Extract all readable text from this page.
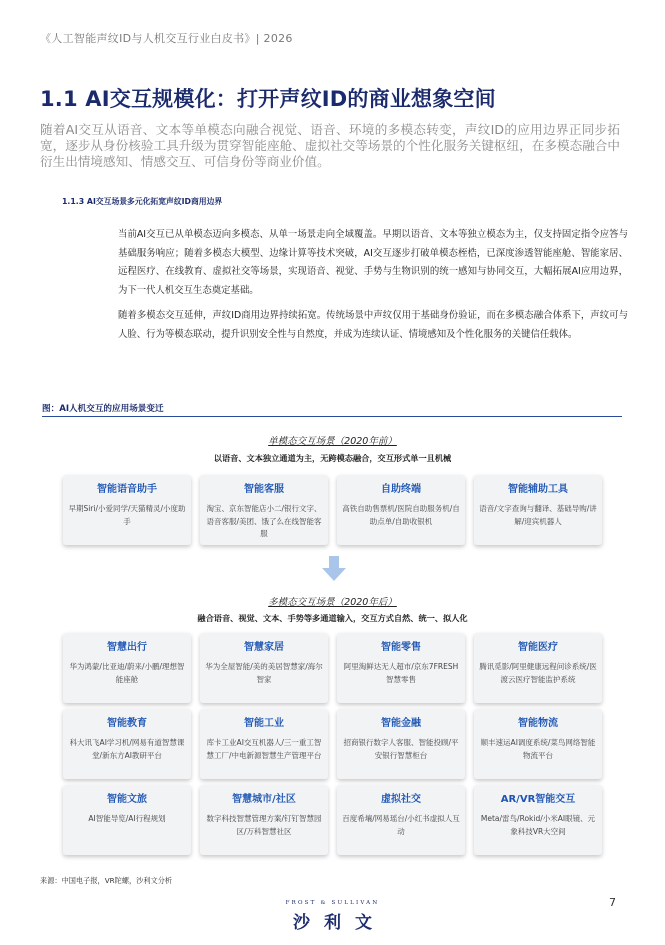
《人工智能声纹ID与人机交互行业白皮书》| 2026
1.1 AI交互规模化：打开声纹ID的商业想象空间
随着AI交互从语音、文本等单模态向融合视觉、语音、环境的多模态转变，声纹ID的应用边界正同步拓宽，逐步从身份核验工具升级为贯穿智能座舱、虚拟社交等场景的个性化服务关键枢纽，在多模态融合中衍生出情境感知、情感交互、可信身份等商业价值。
1.1.3 AI交互场景多元化拓宽声纹ID商用边界
当前AI交互已从单模态迈向多模态、从单一场景走向全域覆盖。早期以语音、文本等独立模态为主，仅支持固定指令应答与基础服务响应；随着多模态大模型、边缘计算等技术突破，AI交互逐步打破单模态桎梏，已深度渗透智能座舱、智能家居、远程医疗、在线教育、虚拟社交等场景，实现语音、视觉、手势与生物识别的统一感知与协同交互，大幅拓展AI应用边界，为下一代人机交互生态奠定基础。
随着多模态交互延伸，声纹ID商用边界持续拓宽。传统场景中声纹仅用于基础身份验证，而在多模态融合体系下，声纹可与人脸、行为等模态联动，提升识别安全性与自然度，并成为连续认证、情境感知及个性化服务的关键信任载体。
图：AI人机交互的应用场景变迁
单模态交互场景（2020年前）
以语音、文本独立通道为主，无跨模态融合，交互形式单一且机械
智能语音助手
早期Siri/小爱同学/天猫精灵/小度助手
智能客服
淘宝、京东智能店小二/银行文字、语音客服/美团、饿了么在线智能客服
自助终端
高铁自助售票机/医院自助服务机/自助点单/自助收银机
智能辅助工具
语音/文字查询与翻译、基础导购/讲解/迎宾机器人
多模态交互场景（2020年后）
融合语音、视觉、文本、手势等多通道输入，交互方式自然、统一、拟人化
智慧出行
华为鸿蒙/比亚迪/蔚来/小鹏/理想智能座舱
智慧家居
华为全屋智能/美的美居智慧家/海尔智家
智能零售
阿里淘鲜达无人超市/京东7FRESH智慧零售
智能医疗
腾讯觅影/阿里健康远程问诊系统/医渡云医疗智能监护系统
智能教育
科大讯飞AI学习机/网易有道智慧课堂/新东方AI教研平台
智能工业
库卡工业AI交互机器人/三一重工智慧工厂/中电新源智慧生产管理平台
智能金融
招商银行数字人客服、智能投顾/平安银行智慧柜台
智能物流
顺丰速运AI调度系统/菜鸟网络智能物流平台
智能文旅
AI智能导览/AI行程规划
智慧城市/社区
数字科技智慧管理方案/钉钉智慧园区/万科智慧社区
虚拟社交
百度希壤/网易瑶台/小红书虚拟人互动
AR/VR智能交互
Meta/雷鸟/Rokid/小米AI眼镜、元象科技VR大空间
来源：中国电子报，VR陀螺，沙利文分析
7
FROST & SULLIVAN
沙利文
